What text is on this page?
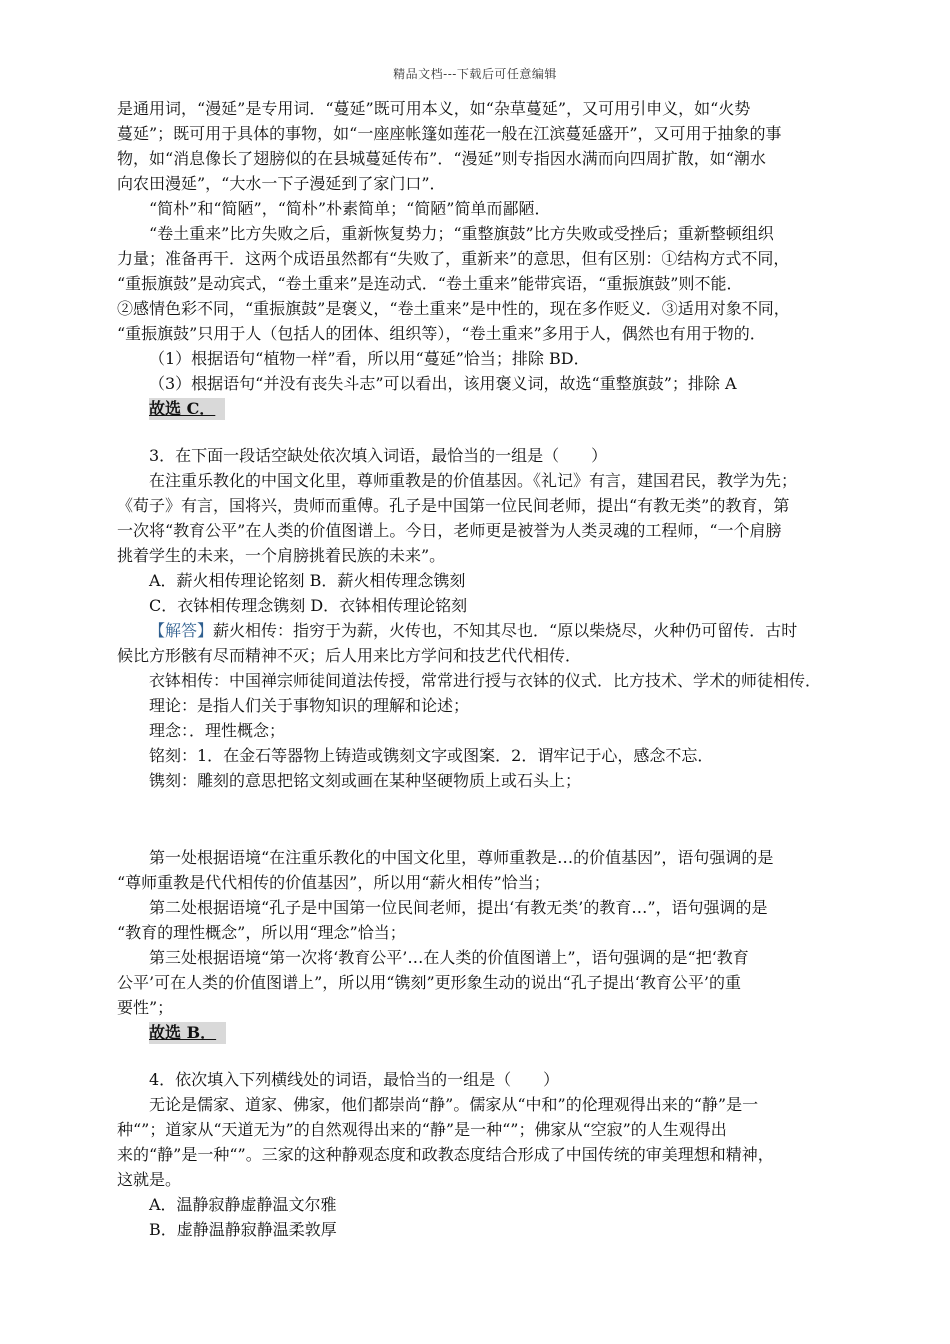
精品文档---下载后可任意编辑

是通用词，“漫延”是专用词．“蔓延”既可用本义，如“杂草蔓延”，又可用引申义，如“火势

蔓延”；既可用于具体的事物，如“一座座帐篷如莲花一般在江滨蔓延盛开”，又可用于抽象的事

物，如“消息像长了翅膀似的在县城蔓延传布”．“漫延”则专指因水满而向四周扩散，如“潮水

向农田漫延”，“大水一下子漫延到了家门口”．

“简朴”和“简陋”，“简朴”朴素简单；“简陋”简单而鄙陋．

“卷土重来”比方失败之后，重新恢复势力；“重整旗鼓”比方失败或受挫后；重新整顿组织

力量；准备再干．这两个成语虽然都有“失败了，重新来”的意思，但有区别：①结构方式不同，

“重振旗鼓”是动宾式，“卷土重来”是连动式．“卷土重来”能带宾语，“重振旗鼓”则不能．

②感情色彩不同，“重振旗鼓”是褒义，“卷土重来”是中性的，现在多作贬义．③适用对象不同，

“重振旗鼓”只用于人（包括人的团体、组织等），“卷土重来”多用于人，偶然也有用于物的．

（1）根据语句“植物一样”看，所以用“蔓延”恰当；排除 BD．

（3）根据语句“并没有丧失斗志”可以看出，该用褒义词，故选“重整旗鼓”；排除 A

故选 C．

3．在下面一段话空缺处依次填入词语，最恰当的一组是（　　）

在注重乐教化的中国文化里，尊师重教是的价值基因。《礼记》有言，建国君民，教学为先；

《荀子》有言，国将兴，贵师而重傅。孔子是中国第一位民间老师，提出“有教无类”的教育，第

一次将“教育公平”在人类的价值图谱上。今日，老师更是被誉为人类灵魂的工程师，“一个肩膀

挑着学生的未来，一个肩膀挑着民族的未来”。

A．薪火相传理论铭刻 B．薪火相传理念镌刻

C．衣钵相传理念镌刻 D．衣钵相传理论铭刻

【解答】薪火相传：指穷于为薪，火传也，不知其尽也．“原以柴烧尽，火种仍可留传．古时

候比方形骸有尽而精神不灭；后人用来比方学问和技艺代代相传．

衣钵相传：中国禅宗师徒间道法传授，常常进行授与衣钵的仪式．比方技术、学术的师徒相传．

理论：是指人们关于事物知识的理解和论述；

理念：．理性概念；

铭刻：1．在金石等器物上铸造或镌刻文字或图案．2．谓牢记于心，感念不忘．

镌刻：雕刻的意思把铭文刻或画在某种坚硬物质上或石头上；

第一处根据语境“在注重乐教化的中国文化里，尊师重教是…的价值基因”，语句强调的是

“尊师重教是代代相传的价值基因”，所以用“薪火相传”恰当；

第二处根据语境“孔子是中国第一位民间老师，提出‘有教无类’的教育…”，语句强调的是

“教育的理性概念”，所以用“理念”恰当；

第三处根据语境“第一次将‘教育公平’…在人类的价值图谱上”，语句强调的是“把‘教育

公平’可在人类的价值图谱上”，所以用“镌刻”更形象生动的说出“孔子提出‘教育公平’的重

要性”；

故选 B．

4．依次填入下列横线处的词语，最恰当的一组是（　　）

无论是儒家、道家、佛家，他们都崇尚“静”。儒家从“中和”的伦理观得出来的“静”是一

种“”；道家从“天道无为”的自然观得出来的“静”是一种“”；佛家从“空寂”的人生观得出

来的“静”是一种“”。三家的这种静观态度和政教态度结合形成了中国传统的审美理想和精神，

这就是。

A．温静寂静虚静温文尔雅

B．虚静温静寂静温柔敦厚
